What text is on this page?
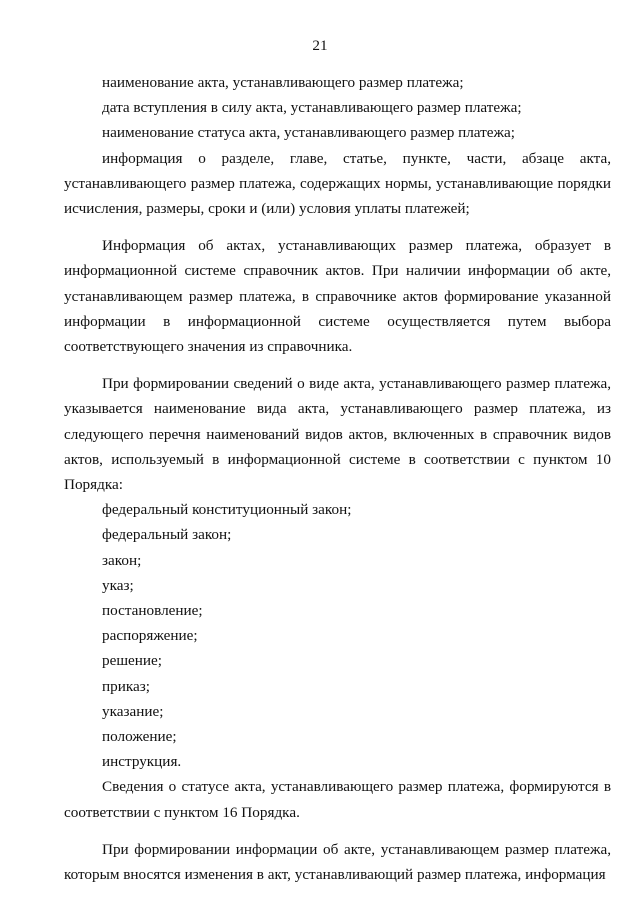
21

наименование акта, устанавливающего размер платежа;

дата вступления в силу акта, устанавливающего размер платежа;

наименование статуса акта, устанавливающего размер платежа;

информация о разделе, главе, статье, пункте, части, абзаце акта, устанавливающего размер платежа, содержащих нормы, устанавливающие порядки исчисления, размеры, сроки и (или) условия уплаты платежей;

Информация об актах, устанавливающих размер платежа, образует в информационной системе справочник актов. При наличии информации об акте, устанавливающем размер платежа, в справочнике актов формирование указанной информации в информационной системе осуществляется путем выбора соответствующего значения из справочника.

При формировании сведений о виде акта, устанавливающего размер платежа, указывается наименование вида акта, устанавливающего размер платежа, из следующего перечня наименований видов актов, включенных в справочник видов актов, используемый в информационной системе в соответствии с пунктом 10 Порядка:

федеральный конституционный закон;

федеральный закон;

закон;

указ;

постановление;

распоряжение;

решение;

приказ;

указание;

положение;

инструкция.

Сведения о статусе акта, устанавливающего размер платежа, формируются в соответствии с пунктом 16 Порядка.

При формировании информации об акте, устанавливающем размер платежа, которым вносятся изменения в акт, устанавливающий размер платежа, информация
